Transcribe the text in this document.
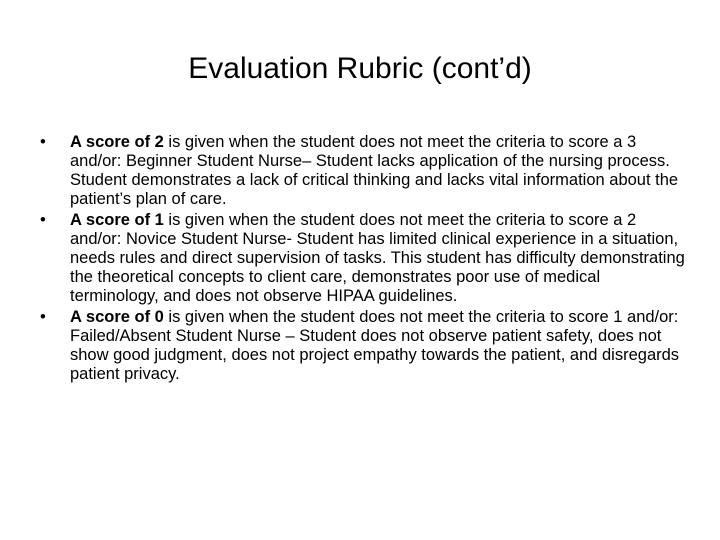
Evaluation Rubric (cont’d)
•	A score of 2 is given when the student does not meet the criteria to score a 3 and/or: Beginner Student Nurse– Student lacks application of the nursing process. Student demonstrates a lack of critical thinking and lacks vital information about the patient’s plan of care.
•	A score of 1 is given when the student does not meet the criteria to score a 2 and/or: Novice Student Nurse- Student has limited clinical experience in a situation, needs rules and direct supervision of tasks. This student has difficulty demonstrating the theoretical concepts to client care, demonstrates poor use of medical terminology, and does not observe HIPAA guidelines.
•	A score of 0 is given when the student does not meet the criteria to score 1 and/or: Failed/Absent Student Nurse – Student does not observe patient safety, does not show good judgment, does not project empathy towards the patient, and disregards patient privacy.
